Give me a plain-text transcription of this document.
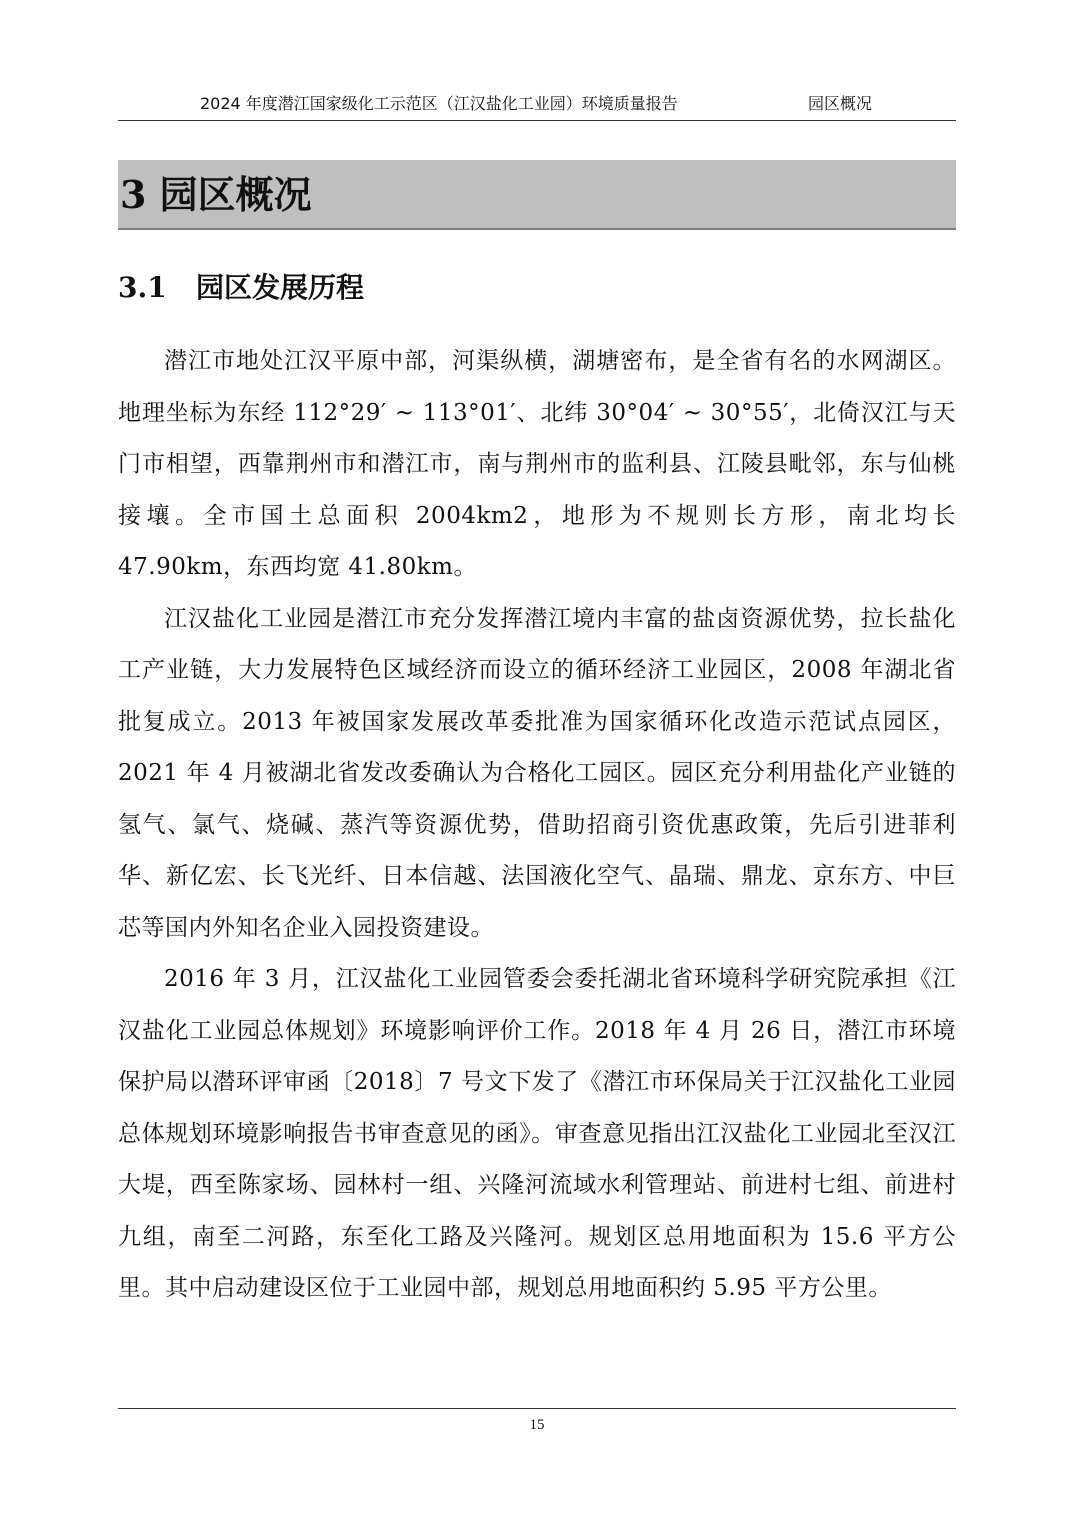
2024 年度潜江国家级化工示范区（江汉盐化工业园）环境质量报告	园区概况
3 园区概况
3.1 园区发展历程

潜江市地处江汉平原中部，河渠纵横，湖塘密布，是全省有名的水网湖区。地理坐标为东经 112°29′ ~ 113°01′、北纬 30°04′ ~ 30°55′，北倚汉江与天门市相望，西靠荆州市和潜江市，南与荆州市的监利县、江陵县毗邻，东与仙桃接壤。全市国土总面积 2004km2，地形为不规则长方形，南北均长 47.90km，东西均宽 41.80km。

江汉盐化工业园是潜江市充分发挥潜江境内丰富的盐卤资源优势，拉长盐化工产业链，大力发展特色区域经济而设立的循环经济工业园区，2008 年湖北省批复成立。2013 年被国家发展改革委批准为国家循环化改造示范试点园区，2021 年 4 月被湖北省发改委确认为合格化工园区。园区充分利用盐化产业链的氢气、氯气、烧碱、蒸汽等资源优势，借助招商引资优惠政策，先后引进菲利华、新亿宏、长飞光纤、日本信越、法国液化空气、晶瑞、鼎龙、京东方、中巨芯等国内外知名企业入园投资建设。

2016 年 3 月，江汉盐化工业园管委会委托湖北省环境科学研究院承担《江汉盐化工业园总体规划》环境影响评价工作。2018 年 4 月 26 日，潜江市环境保护局以潜环评审函〔2018〕7 号文下发了《潜江市环保局关于江汉盐化工业园总体规划环境影响报告书审查意见的函》。审查意见指出江汉盐化工业园北至汉江大堤，西至陈家场、园林村一组、兴隆河流域水利管理站、前进村七组、前进村九组，南至二河路，东至化工路及兴隆河。规划区总用地面积为 15.6 平方公里。其中启动建设区位于工业园中部，规划总用地面积约 5.95 平方公里。

15
